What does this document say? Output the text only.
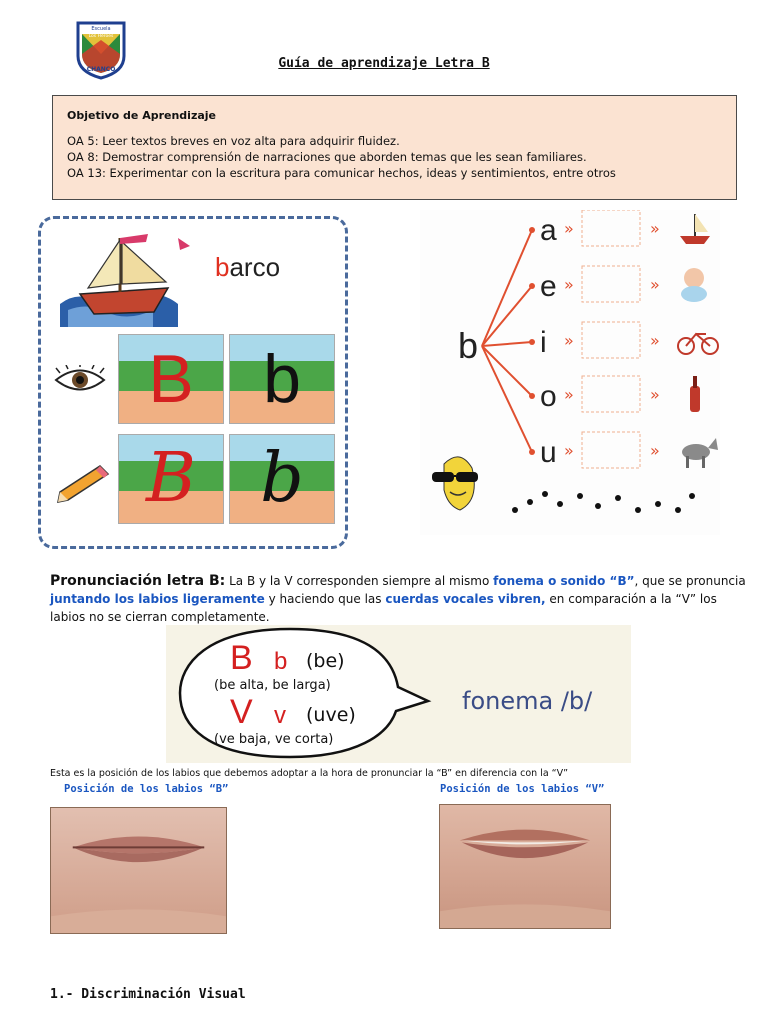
Escuela
Los Héroes
CHANCO	Guía de aprendizaje Letra B
Objetivo de Aprendizaje
OA 5: Leer textos breves en voz alta para adquirir fluidez.
OA 8: Demostrar comprensión de narraciones que aborden temas que les sean familiares.
OA 13: Experimentar con la escritura para comunicar hechos, ideas y sentimientos, entre otros
barco
B	b
B b
b
a »	»
e »	»
i »	»
o »	»
u »	»
Pronunciación letra B: La B y la V corresponden siempre al mismo fonema o sonido “B”, que se pronuncia juntando los labios ligeramente y haciendo que las cuerdas vocales vibren, en comparación a la “V” los labios no se cierran completamente.
B b (be)
(be alta, be larga)
V v (uve)
(ve baja, ve corta)
fonema /b/
Esta es la posición de los labios que debemos adoptar a la hora de pronunciar la “B” en diferencia con la “V”
Posición de los labios “B”	Posición de los labios “V”
1.- Discriminación Visual
